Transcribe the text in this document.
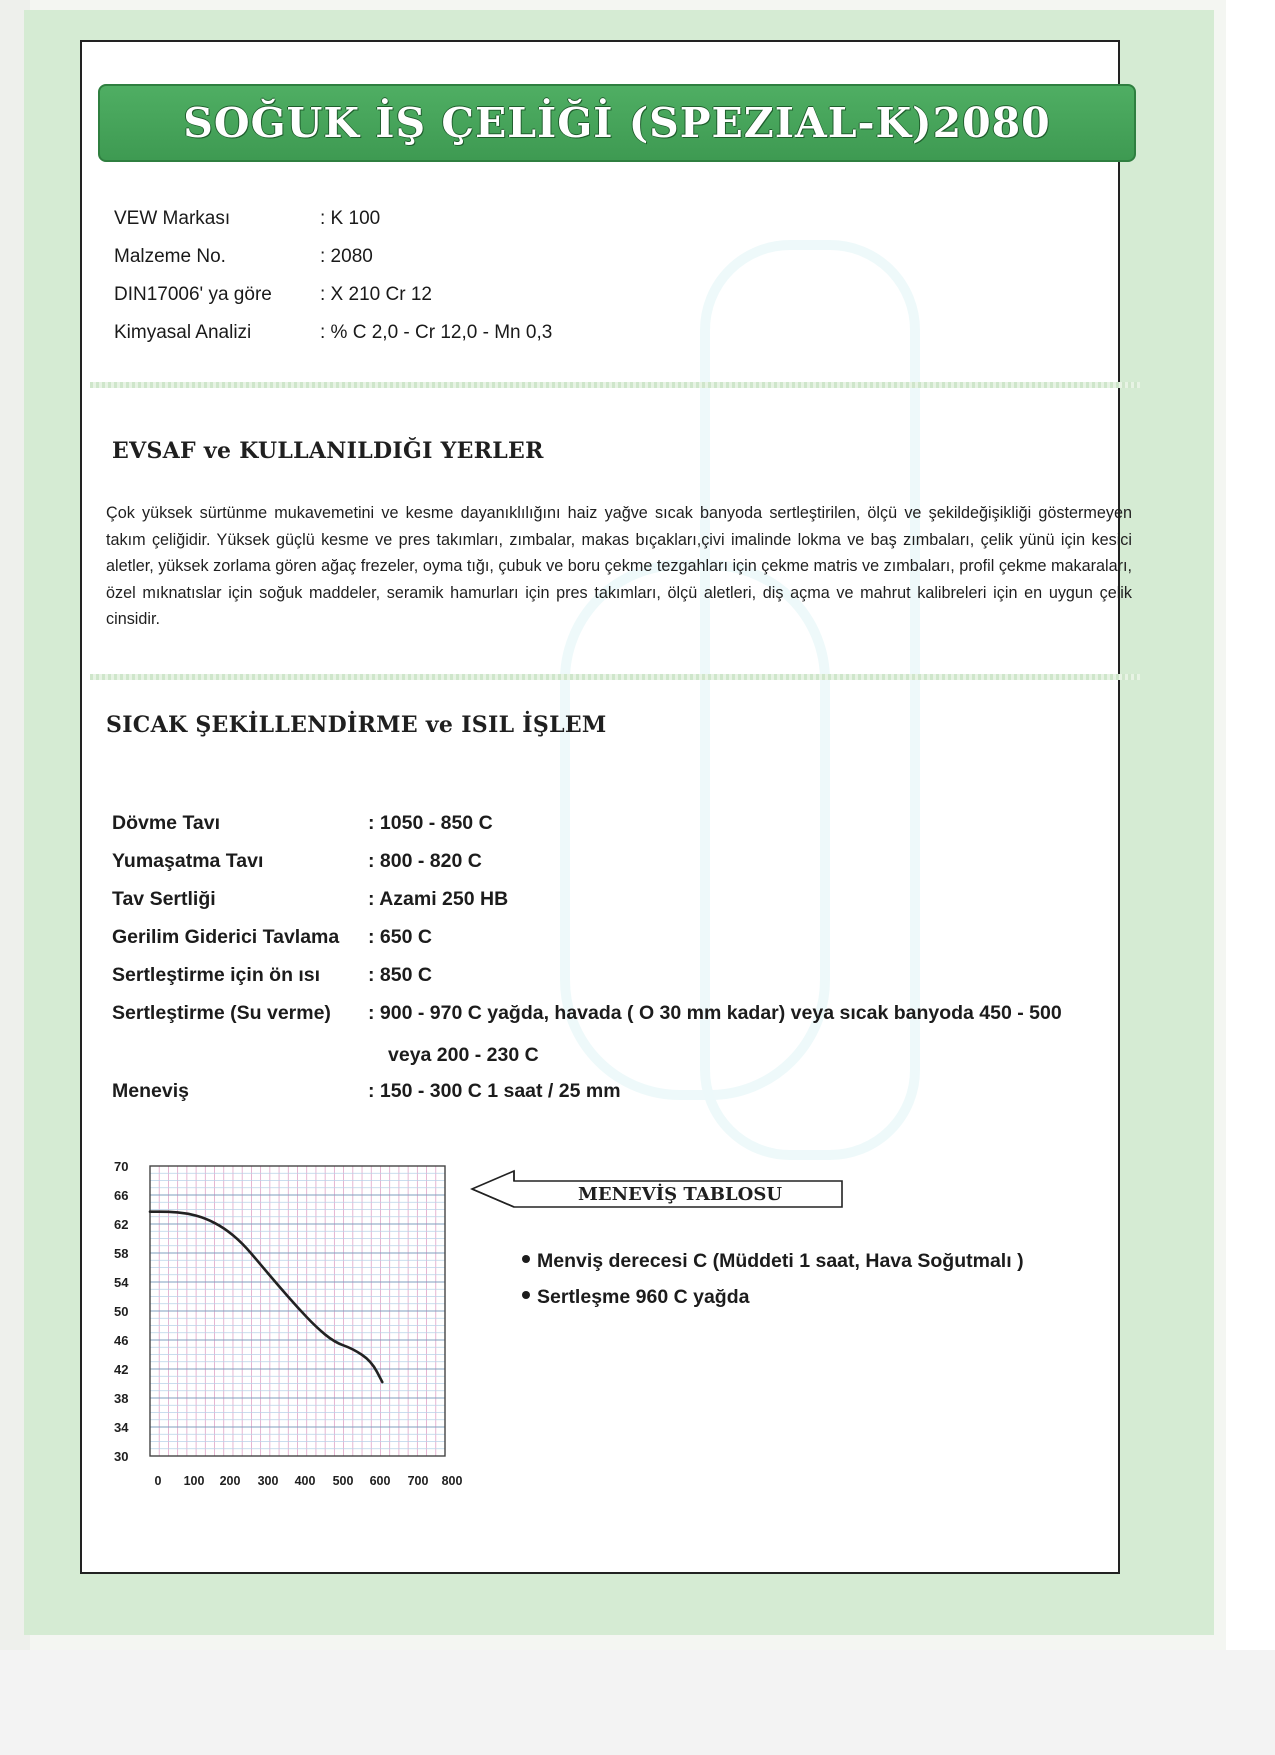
SOĞUK İŞ ÇELİĞİ (SPEZIAL-K)2080
VEW Markası	: K 100
Malzeme No.	: 2080
DIN17006' ya göre	: X 210 Cr 12
Kimyasal Analizi	: % C 2,0 - Cr 12,0 - Mn 0,3
EVSAF ve KULLANILDIĞI YERLER
Çok yüksek sürtünme mukavemetini ve kesme dayanıklılığını haiz yağve sıcak banyoda sertleştirilen, ölçü ve şekildeğişikliği göstermeyen takım çeliğidir. Yüksek güçlü kesme ve pres takımları, zımbalar, makas bıçakları,çivi imalinde lokma ve baş zımbaları, çelik yünü için kesici aletler, yüksek zorlama gören ağaç frezeler, oyma tığı, çubuk ve boru çekme tezgahları için çekme matris ve zımbaları, profil çekme makaraları, özel mıknatıslar için soğuk maddeler, seramik hamurları için pres takımları, ölçü aletleri, diş açma ve mahrut kalibreleri için en uygun çelik cinsidir.
SICAK ŞEKİLLENDİRME ve ISIL İŞLEM
Dövme Tavı	: 1050 - 850 C
Yumaşatma Tavı	: 800 - 820 C
Tav Sertliği	: Azami 250 HB
Gerilim Giderici Tavlama : 650 C
Sertleştirme için ön ısı : 850 C
Sertleştirme (Su verme) : 900 - 970 C yağda, havada ( O 30 mm kadar) veya sıcak banyoda 450 - 500
veya 200 - 230 C
Meneviş	: 150 - 300 C 1 saat / 25 mm
70
66
62
58
54
50
46
42
38
34
30
0 100 200 300 400 500 600 700 800
MENEVİŞ TABLOSU
Menviş derecesi C (Müddeti 1 saat, Hava Soğutmalı )
Sertleşme 960 C yağda
